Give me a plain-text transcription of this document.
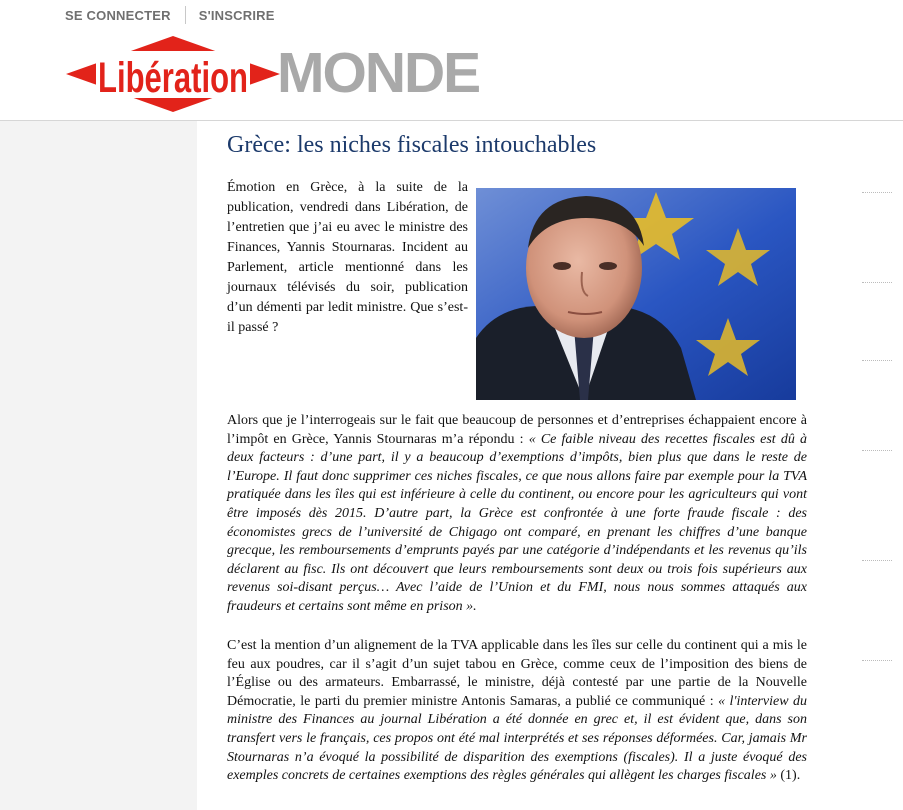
SE CONNECTER S'INSCRIRE
Libération MONDE
Grèce: les niches fiscales intouchables

Émotion en Grèce, à la suite de la publication, vendredi dans Libération, de l’entretien que j’ai eu avec le ministre des Finances, Yannis Stournaras. Incident au Parlement, article mentionné dans les journaux télévisés du soir, publication d’un démenti par ledit ministre. Que s’est-il passé ?

Alors que je l’interrogeais sur le fait que beaucoup de personnes et d’entreprises échappaient encore à l’impôt en Grèce, Yannis Stournaras m’a répondu : « Ce faible niveau des recettes fiscales est dû à deux facteurs : d’une part, il y a beaucoup d’exemptions d’impôts, bien plus que dans le reste de l’Europe. Il faut donc supprimer ces niches fiscales, ce que nous allons faire par exemple pour la TVA pratiquée dans les îles qui est inférieure à celle du continent, ou encore pour les agriculteurs qui vont être imposés dès 2015. D’autre part, la Grèce est confrontée à une forte fraude fiscale : des économistes grecs de l’université de Chigago ont comparé, en prenant les chiffres d’une banque grecque, les remboursements d’emprunts payés par une catégorie d’indépendants et les revenus qu’ils déclarent au fisc. Ils ont découvert que leurs remboursements sont deux ou trois fois supérieurs aux revenus soi-disant perçus… Avec l’aide de l’Union et du FMI, nous nous sommes attaqués aux fraudeurs et certains sont même en prison ».

C’est la mention d’un alignement de la TVA applicable dans les îles sur celle du continent qui a mis le feu aux poudres, car il s’agit d’un sujet tabou en Grèce, comme ceux de l’imposition des biens de l’Église ou des armateurs. Embarrassé, le ministre, déjà contesté par une partie de la Nouvelle Démocratie, le parti du premier ministre Antonis Samaras, a publié ce communiqué : « l'interview du ministre des Finances au journal Libération a été donnée en grec et, il est évident que, dans son transfert vers le français, ces propos ont été mal interprétés et ses réponses déformées. Car, jamais Mr Stournaras n’a évoqué la possibilité de disparition des exemptions (fiscales). Il a juste évoqué des exemples concrets de certaines exemptions des règles générales qui allègent les charges fiscales » (1).
